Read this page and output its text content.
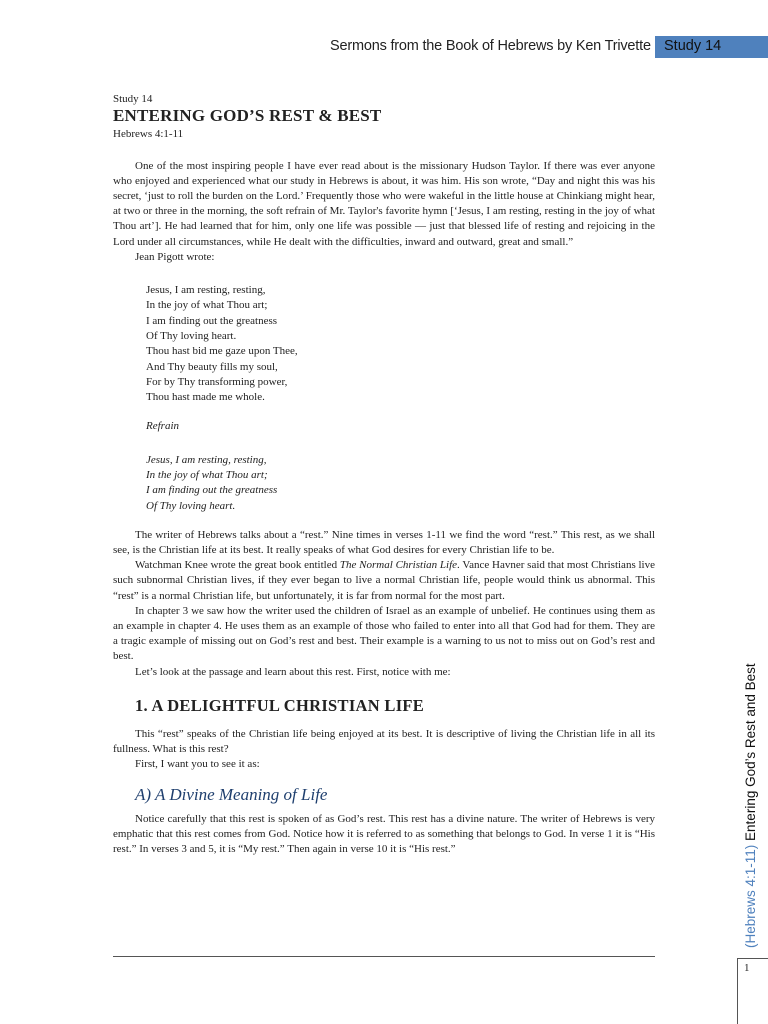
Sermons from the Book of Hebrews by Ken Trivette Study 14
Study 14
ENTERING GOD’S REST & BEST
Hebrews 4:1-11

One of the most inspiring people I have ever read about is the missionary Hudson Taylor. If there was ever anyone who enjoyed and experienced what our study in Hebrews is about, it was him. His son wrote, “Day and night this was his secret, ‘just to roll the burden on the Lord.’ Frequently those who were wakeful in the little house at Chinkiang might hear, at two or three in the morning, the soft refrain of Mr. Taylor's favorite hymn [‘Jesus, I am resting, resting in the joy of what Thou art’]. He had learned that for him, only one life was possible — just that blessed life of resting and rejoicing in the Lord under all circumstances, while He dealt with the difficulties, inward and outward, great and small.”

Jean Pigott wrote:

Jesus, I am resting, resting,
In the joy of what Thou art;
I am finding out the greatness
Of Thy loving heart.
Thou hast bid me gaze upon Thee,
And Thy beauty fills my soul,
For by Thy transforming power,
Thou hast made me whole.
Refrain
Jesus, I am resting, resting,
In the joy of what Thou art;
I am finding out the greatness
Of Thy loving heart.

The writer of Hebrews talks about a “rest.” Nine times in verses 1-11 we find the word “rest.” This rest, as we shall see, is the Christian life at its best. It really speaks of what God desires for every Christian life to be.

Watchman Knee wrote the great book entitled The Normal Christian Life. Vance Havner said that most Christians live such subnormal Christian lives, if they ever began to live a normal Christian life, people would think us abnormal. This “rest” is a normal Christian life, but unfortunately, it is far from normal for the most part.

In chapter 3 we saw how the writer used the children of Israel as an example of unbelief. He continues using them as an example in chapter 4. He uses them as an example of those who failed to enter into all that God had for them. They are a tragic example of missing out on God’s rest and best. Their example is a warning to us not to miss out on God’s rest and best.

Let’s look at the passage and learn about this rest. First, notice with me:

1. A DELIGHTFUL CHRISTIAN LIFE

This “rest” speaks of the Christian life being enjoyed at its best. It is descriptive of living the Christian life in all its fullness. What is this rest?

First, I want you to see it as:

A) A Divine Meaning of Life

Notice carefully that this rest is spoken of as God’s rest. This rest has a divine nature. The writer of Hebrews is very emphatic that this rest comes from God. Notice how it is referred to as something that belongs to God. In verse 1 it is “His rest.” In verses 3 and 5, it is “My rest.” Then again in verse 10 it is “His rest.”	(Hebrews 4:1-11) Entering God’s Rest and Best
1
